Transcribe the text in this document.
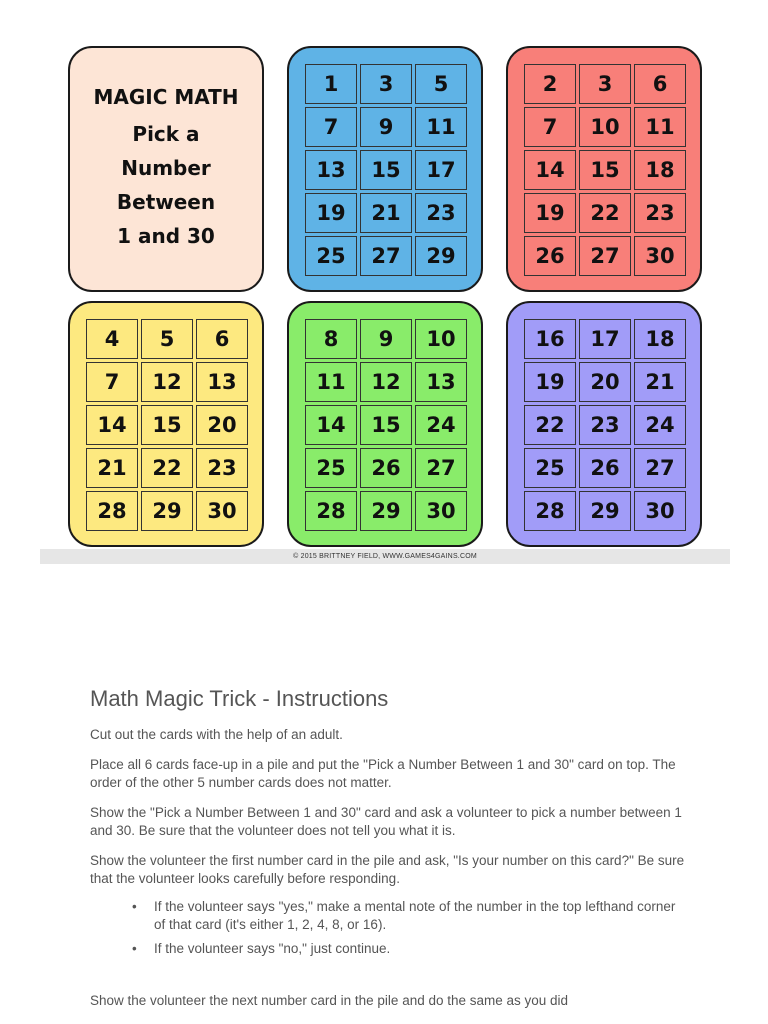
MAGIC MATH
Pick a
Number
Between
1 and 30
1	3	5
7	9	11
13	15	17
19	21	23
25	27	29
2	3	6
7	10	11
14	15	18
19	22	23
26	27	30
4	5	6
7	12	13
14	15	20
21	22	23
28	29	30
8	9	10
11	12	13
14	15	24
25	26	27
28	29	30
16	17	18
19	20	21
22	23	24
25	26	27
28	29	30
© 2015 BRITTNEY FIELD, WWW.GAMES4GAINS.COM
Math Magic Trick - Instructions

Cut out the cards with the help of an adult.

Place all 6 cards face-up in a pile and put the "Pick a Number Between 1 and 30" card on top. The order of the other 5 number cards does not matter.

Show the "Pick a Number Between 1 and 30" card and ask a volunteer to pick a number between 1 and 30. Be sure that the volunteer does not tell you what it is.

Show the volunteer the first number card in the pile and ask, "Is your number on this card?" Be sure that the volunteer looks carefully before responding.

• If the volunteer says "yes," make a mental note of the number in the top lefthand corner of that card (it's either 1, 2, 4, 8, or 16).
• If the volunteer says "no," just continue.

Show the volunteer the next number card in the pile and do the same as you did
